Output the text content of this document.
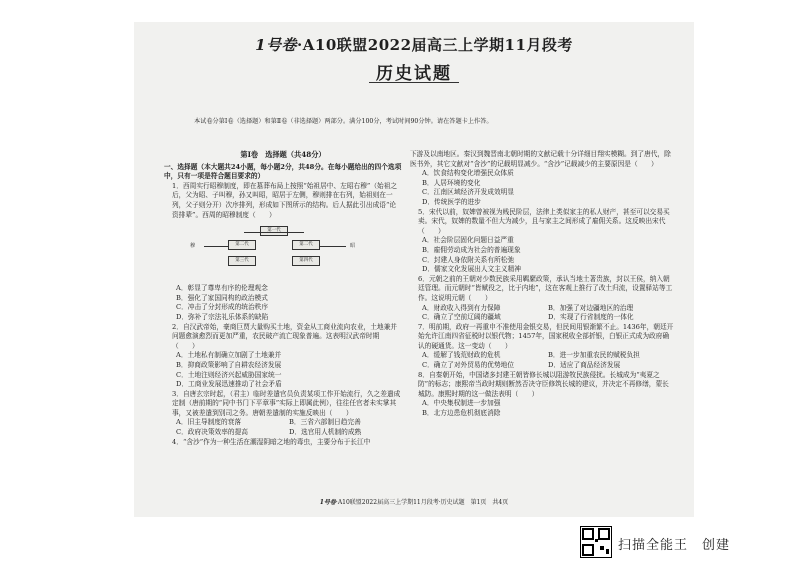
1号卷·A10联盟2022届高三上学期11月段考
历史试题
本试卷分第Ⅰ卷（选择题）和第Ⅱ卷（非选择题）两部分。满分100分，考试时间90分钟。请在答题卡上作答。

第Ⅰ卷　选择题（共48分）

一、选择题（本大题共24小题，每小题2分，共48分。在每小题给出的四个选项中，只有一项是符合题目要求的）

1．西周实行昭穆制度，即在墓葬布局上按照“始祖居中、左昭右穆”（始祖之后，父为昭、子叫穆，孙又叫昭，昭居于左侧，穆则排在右列，始祖则在一列，父子则分开）次序排列，形成如下图所示的结构。后人据此引出成语“论资排辈”。西周的昭穆制度（　　）

第一代
第二代	第二代
穆	昭
第三代	第四代

A．彰显了尊卑有序的伦理观念

B．强化了家国同构的政治模式

C．冲击了分封形成的统治秩序

D．弥补了宗法礼乐体系的缺陷

2．自汉武帝始，豪商巨贾大量购买土地，资金从工商业流向农业，土地兼并问题愈演愈烈而更加严重，农民破产流亡现象普遍。这表明汉武帝时期（　　）

A．土地私有制确立加剧了土地兼并

B．抑商政策影响了自耕农经济发展

C．土地注则经济兴起威胁国家统一

D．工商业发展迅速推动了社会矛盾

3．自唐玄宗时起，（君主）临时差遣官员负责某项工作开始流行，久之差遣成定制（唐前期的“同中书门下平章事”实际上即属此例），往往任官者未实掌其事，又被差遣到别司之务。唐朝差遣制的实施反映出（　　）

A．旧主导制度的衰落	B．三省六部制日趋完善

C．政府决策效率的提高	D．选官用人机制的成熟

4．“含沙”作为一种生活在潮湿阴暗之地的毒虫，主要分布于长江中

下游及以南地区。秦汉到魏晋南北朝时期的文献记载十分详细目翔实模糊。到了唐代，除医书外，其它文献对“含沙”的记载明显减少。“含沙”记载减少的主要原因是（　　）

A．饮食结构变化增强民众体质

B．人居环境的变化

C．江南区域经济开发成效明显

D．传统医学的进步

5．宋代以前，奴婢曾被视为贱民阶层，法律上类似家主的私人财产，甚至可以交易买卖。宋代，奴婢的数量不但大为减少，且与家主之间形成了雇佣关系。这反映出宋代（　　）

A．社会阶层固化问题日益严重

B．雇佣劳动成为社会的普遍现象

C．封建人身依附关系有所松弛

D．儒家文化发展出人文主义精神

6．元朝之前的王朝对少数民族采用羁縻政策，承认当地土著贵族，封以王侯，纳入朝廷管理。而元朝时“皆赋役之，比于内地”，这在客观上推行了改土归流，设置驿站等工作。这说明元朝（　　）

A．财政收入得到有力保障	B．加强了对边疆地区的治理

C．确立了空前辽阔的疆域	D．实现了行省制度的一体化

7．明前期，政府一再重申不准使用金银交易，但民间用银渐繁不止。1436年，朝廷开始允许江南四省征税时以银代物；1457年，国家税收全部折银，白银正式成为政府确认的硬通货。这一变动（　　）

A．缓解了钱荒财政的危机	B．进一步加重农民的赋税负担

C．确立了对外贸易的优势地位	D．适应了商品经济发展

8．自秦朝开始，中国诸多封建王朝皆修长城以阻游牧民族侵扰。长城成为“夷夏之防”的标志；康熙帝当政时期则断然否决守臣修筑长城的建议，并决定不再修缮，蒙长城防。康熙时期的这一做法表明（　　）

A．中央集权制进一步加强

B．北方边患危机彻底消除

1号卷·A10联盟2022届高三上学期11月段考·历史试题　第1页　共4页
扫描全能王　创建
